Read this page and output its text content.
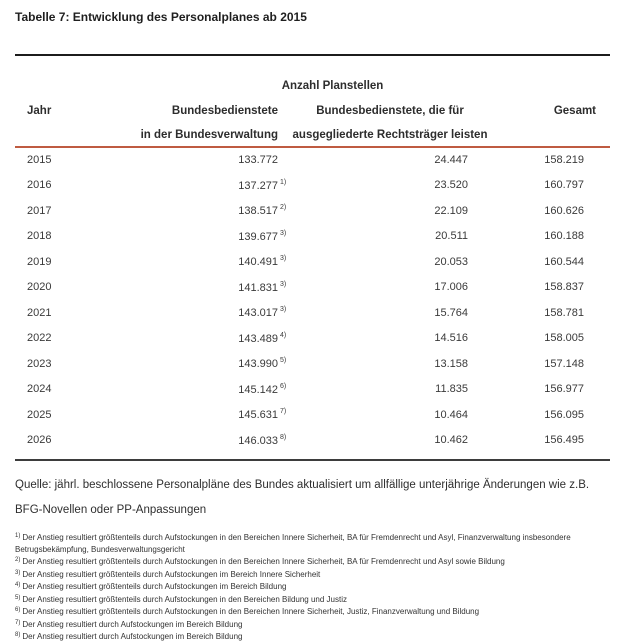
Tabelle 7: Entwicklung des Personalplanes ab 2015
	Anzahl Planstellen		
Jahr	Bundesbedienstete	Bundesbedienstete, die für	Gesamt
	in der Bundesverwaltung	ausgegliederte Rechtsträger leisten	
2015	133.772	24.447	158.219
2016	137.277 $^{1)}$	23.520	160.797
2017	138.517 $^{2)}$	22.109	160.626
2018	139.677 $^{3)}$	20.511	160.188
2019	140.491 $^{3)}$	20.053	160.544
2020	141.831 $^{3)}$	17.006	158.837
2021	143.017 $^{3)}$	15.764	158.781
2022	143.489 $^{4)}$	14.516	158.005
2023	143.990 $^{5)}$	13.158	157.148
2024	145.142 $^{6)}$	11.835	156.977
2025	145.631 $^{7)}$	10.464	156.095
2026	146.033 $^{8)}$	10.462	156.495
Quelle: jährl. beschlossene Personalpläne des Bundes aktualisiert um allfällige unterjährige Änderungen wie z.B.
BFG-Novellen oder PP-Anpassungen
$^{1)}$ Der Anstieg resultiert größtenteils durch Aufstockungen in den Bereichen Innere Sicherheit, BA für Fremdenrecht und Asyl, Finanzverwaltung insbesondere Betrugsbekämpfung, Bundesverwaltungsgericht
$^{2)}$ Der Anstieg resultiert größtenteils durch Aufstockungen in den Bereichen Innere Sicherheit, BA für Fremdenrecht und Asyl sowie Bildung
$^{3)}$ Der Anstieg resultiert größtenteils durch Aufstockungen im Bereich Innere Sicherheit
$^{4)}$ Der Anstieg resultiert größtenteils durch Aufstockungen im Bereich Bildung
$^{5)}$ Der Anstieg resultiert größtenteils durch Aufstockungen in den Bereichen Bildung und Justiz
$^{6)}$ Der Anstieg resultiert größtenteils durch Aufstockungen in den Bereichen Innere Sicherheit, Justiz, Finanzverwaltung und Bildung
$^{7)}$ Der Anstieg resultiert durch Aufstockungen im Bereich Bildung
$^{8)}$ Der Anstieg resultiert durch Aufstockungen im Bereich Bildung
